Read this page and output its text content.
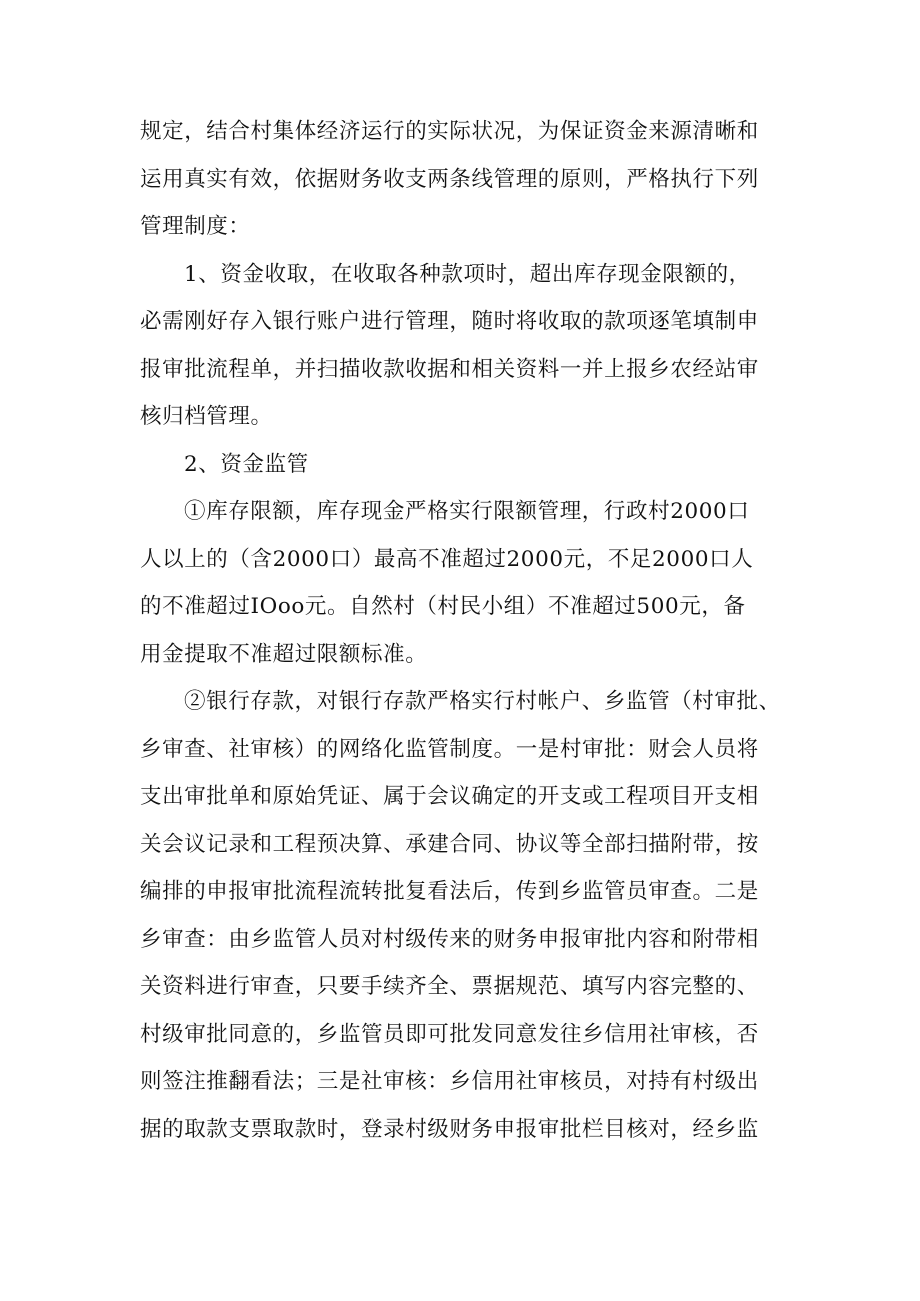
规定，结合村集体经济运行的实际状况，为保证资金来源清晰和
运用真实有效，依据财务收支两条线管理的原则，严格执行下列
管理制度：
1、资金收取，在收取各种款项时，超出库存现金限额的，
必需刚好存入银行账户进行管理，随时将收取的款项逐笔填制申
报审批流程单，并扫描收款收据和相关资料一并上报乡农经站审
核归档管理。
2、资金监管
①库存限额，库存现金严格实行限额管理，行政村2000口
人以上的（含2000口）最高不准超过2000元，不足2000口人
的不准超过IOoo元。自然村（村民小组）不准超过500元，备
用金提取不准超过限额标准。
②银行存款，对银行存款严格实行村帐户、乡监管（村审批、
乡审查、社审核）的网络化监管制度。一是村审批：财会人员将
支出审批单和原始凭证、属于会议确定的开支或工程项目开支相
关会议记录和工程预决算、承建合同、协议等全部扫描附带，按
编排的申报审批流程流转批复看法后，传到乡监管员审查。二是
乡审查：由乡监管人员对村级传来的财务申报审批内容和附带相
关资料进行审查，只要手续齐全、票据规范、填写内容完整的、
村级审批同意的，乡监管员即可批发同意发往乡信用社审核，否
则签注推翻看法；三是社审核：乡信用社审核员，对持有村级出
据的取款支票取款时，登录村级财务申报审批栏目核对，经乡监
